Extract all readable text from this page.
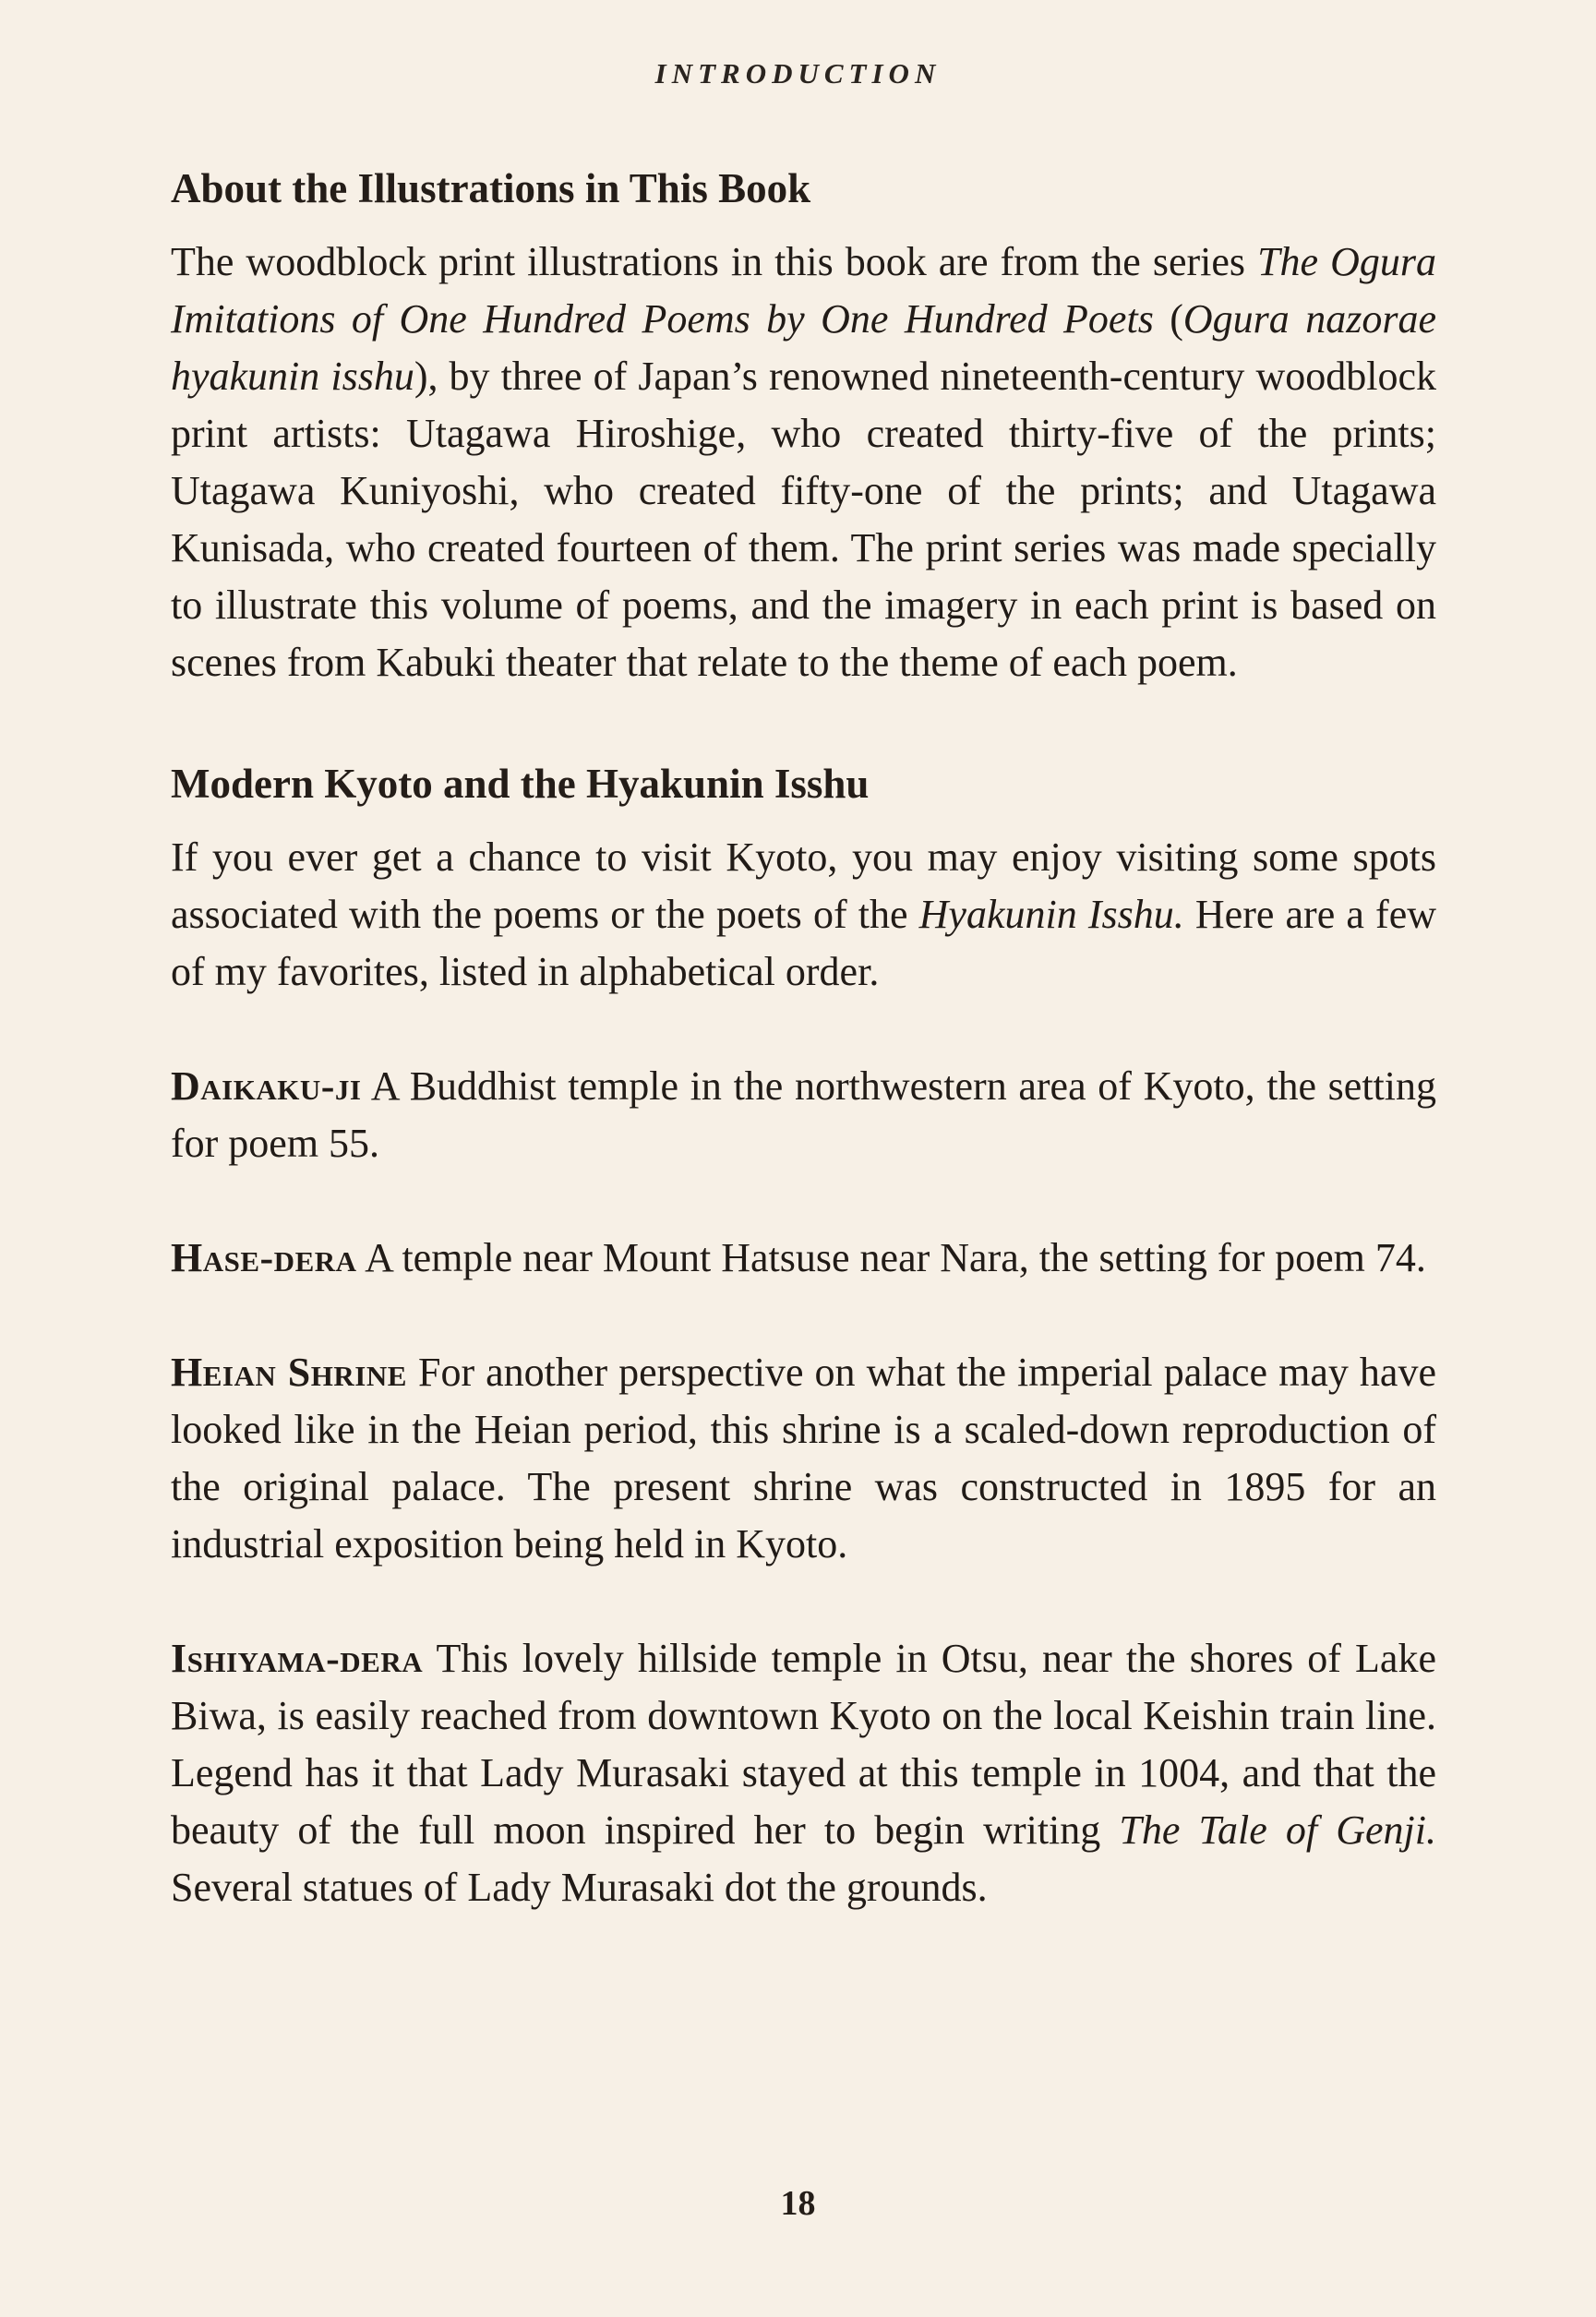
INTRODUCTION
About the Illustrations in This Book

The woodblock print illustrations in this book are from the series The Ogura Imitations of One Hundred Poems by One Hundred Poets (Ogura nazorae hyakunin isshu), by three of Japan’s renowned nineteenth-century woodblock print artists: Utagawa Hiroshige, who created thirty-five of the prints; Utagawa Kuniyoshi, who created fifty-one of the prints; and Utagawa Kunisada, who created fourteen of them. The print series was made specially to illustrate this volume of poems, and the imagery in each print is based on scenes from Kabuki theater that relate to the theme of each poem.

Modern Kyoto and the Hyakunin Isshu

If you ever get a chance to visit Kyoto, you may enjoy visiting some spots associated with the poems or the poets of the Hyakunin Isshu. Here are a few of my favorites, listed in alphabetical order.

Daikaku-ji A Buddhist temple in the northwestern area of Kyoto, the setting for poem 55.

Hase-dera A temple near Mount Hatsuse near Nara, the setting for poem 74.

Heian Shrine For another perspective on what the imperial palace may have looked like in the Heian period, this shrine is a scaled-down reproduction of the original palace. The present shrine was constructed in 1895 for an industrial exposition being held in Kyoto.

Ishiyama-dera This lovely hillside temple in Otsu, near the shores of Lake Biwa, is easily reached from downtown Kyoto on the local Keishin train line. Legend has it that Lady Murasaki stayed at this temple in 1004, and that the beauty of the full moon inspired her to begin writing The Tale of Genji. Several statues of Lady Murasaki dot the grounds.

18
